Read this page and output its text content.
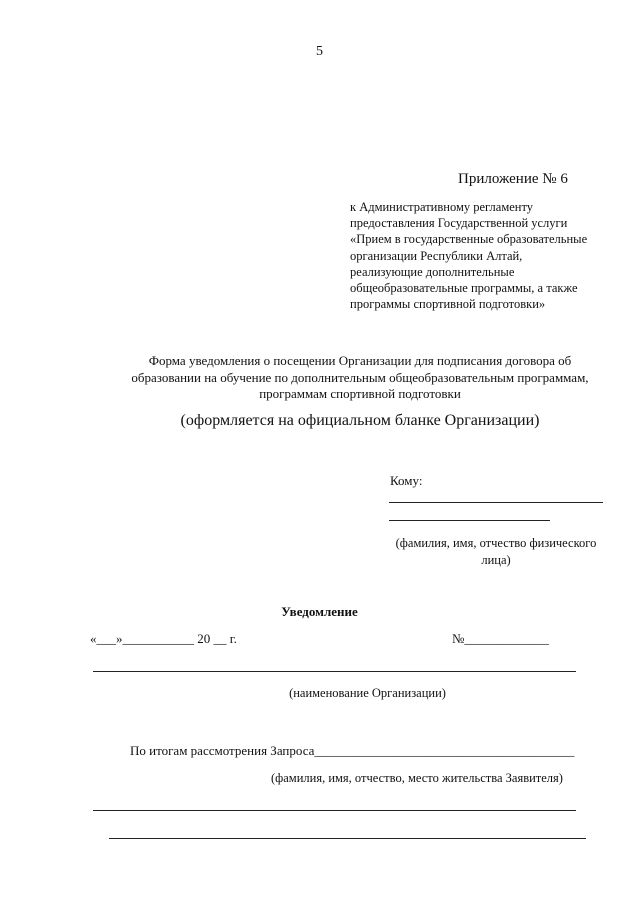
5
Приложение № 6
к Административному регламенту
предоставления Государственной услуги
«Прием в государственные образовательные
организации Республики Алтай,
реализующие дополнительные
общеобразовательные программы, а также
программы спортивной подготовки»
Форма уведомления о посещении Организации для подписания договора об
образовании на обучение по дополнительным общеобразовательным программам,
программам спортивной подготовки
(оформляется на официальном бланке Организации)
Кому:
(фамилия, имя, отчество физического
лица)
Уведомление
«___»___________ 20 __ г.	№_____________
(наименование Организации)
По итогам рассмотрения Запроса________________________________________
(фамилия, имя, отчество, место жительства Заявителя)
